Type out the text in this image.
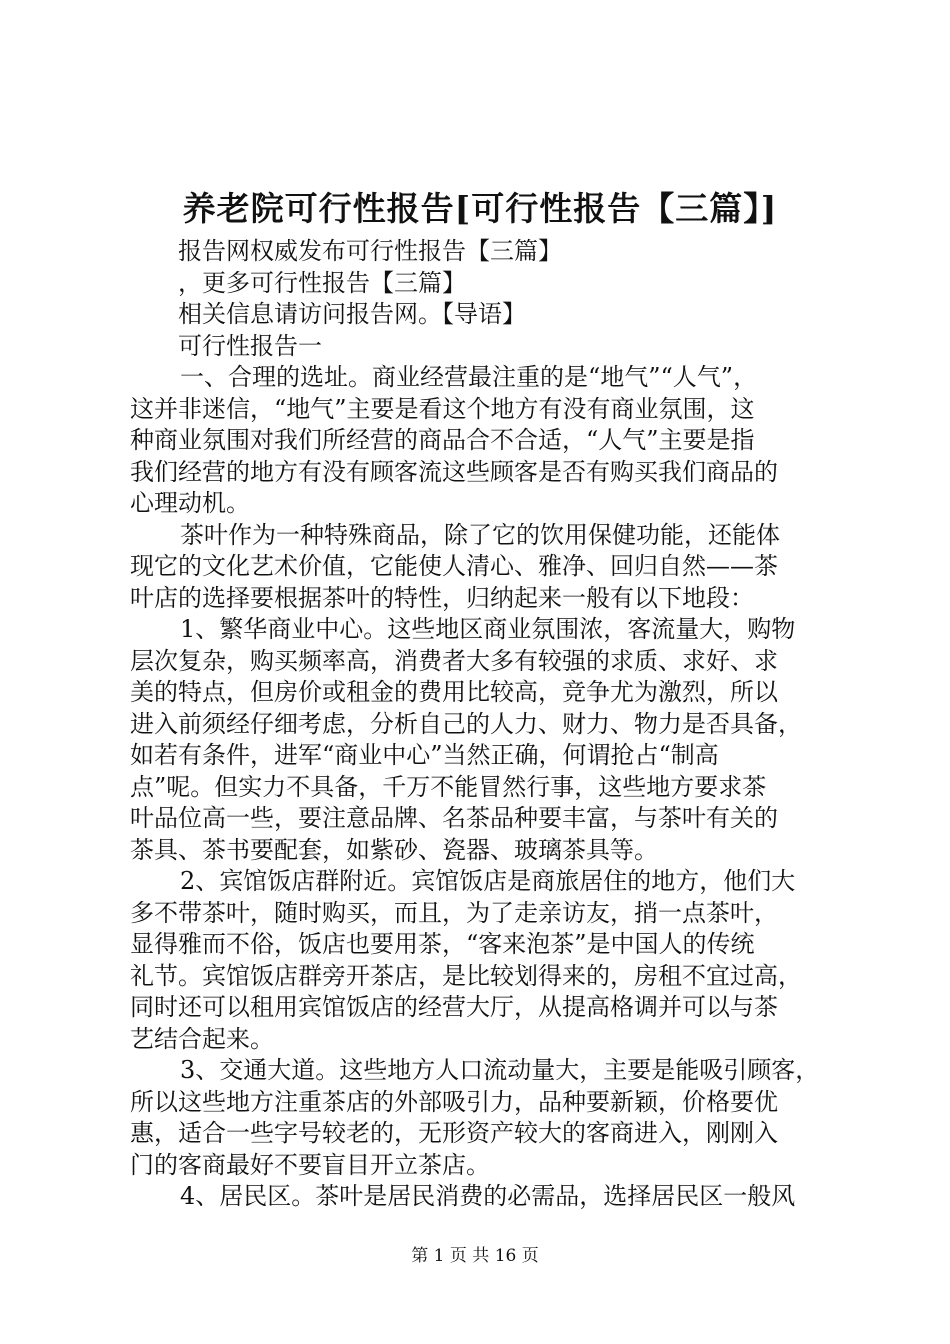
养老院可行性报告[可行性报告【三篇】]
报告网权威发布可行性报告【三篇】
，更多可行性报告【三篇】
相关信息请访问报告网。【导语】
可行性报告一
一、合理的选址。商业经营最注重的是“地气”“人气”，
这并非迷信，“地气”主要是看这个地方有没有商业氛围，这
种商业氛围对我们所经营的商品合不合适，“人气”主要是指
我们经营的地方有没有顾客流这些顾客是否有购买我们商品的
心理动机。
茶叶作为一种特殊商品，除了它的饮用保健功能，还能体
现它的文化艺术价值，它能使人清心、雅净、回归自然——茶
叶店的选择要根据茶叶的特性，归纳起来一般有以下地段：
1、繁华商业中心。这些地区商业氛围浓，客流量大，购物
层次复杂，购买频率高，消费者大多有较强的求质、求好、求
美的特点，但房价或租金的费用比较高，竞争尤为激烈，所以
进入前须经仔细考虑，分析自己的人力、财力、物力是否具备，
如若有条件，进军“商业中心”当然正确，何谓抢占“制高
点”呢。但实力不具备，千万不能冒然行事，这些地方要求茶
叶品位高一些，要注意品牌、名茶品种要丰富，与茶叶有关的
茶具、茶书要配套，如紫砂、瓷器、玻璃茶具等。
2、宾馆饭店群附近。宾馆饭店是商旅居住的地方，他们大
多不带茶叶，随时购买，而且，为了走亲访友，捎一点茶叶，
显得雅而不俗，饭店也要用茶，“客来泡茶”是中国人的传统
礼节。宾馆饭店群旁开茶店，是比较划得来的，房租不宜过高，
同时还可以租用宾馆饭店的经营大厅，从提高格调并可以与茶
艺结合起来。
3、交通大道。这些地方人口流动量大，主要是能吸引顾客，
所以这些地方注重茶店的外部吸引力，品种要新颖，价格要优
惠，适合一些字号较老的，无形资产较大的客商进入，刚刚入
门的客商最好不要盲目开立茶店。
4、居民区。茶叶是居民消费的必需品，选择居民区一般风
第 1 页 共 16 页
